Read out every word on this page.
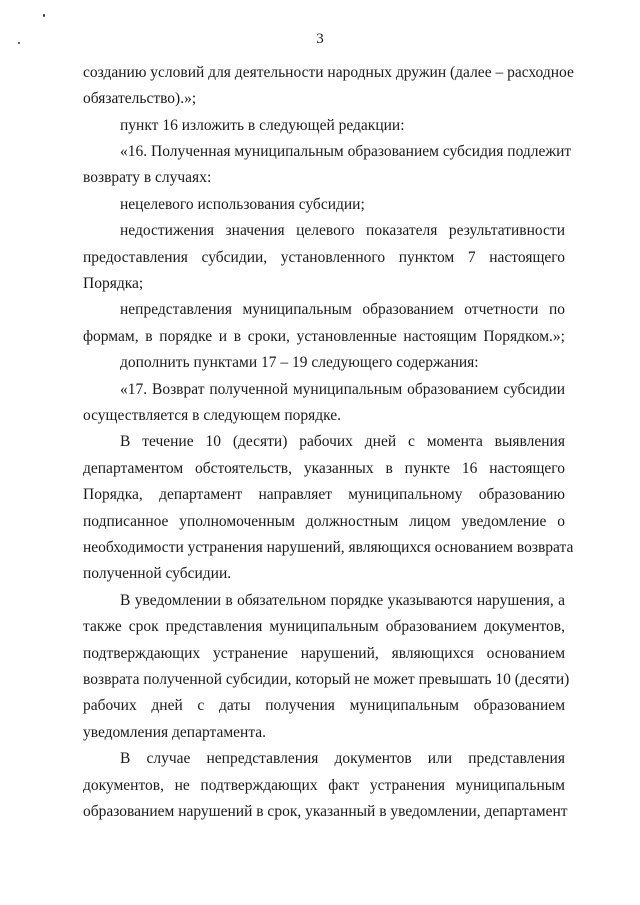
3
созданию условий для деятельности народных дружин (далее – расходное
обязательство).»;
пункт 16 изложить в следующей редакции:
«16. Полученная муниципальным образованием субсидия подлежит
возврату в случаях:
нецелевого использования субсидии;
недостижения значения целевого показателя результативности
предоставления субсидии, установленного пунктом 7 настоящего
Порядка;
непредставления муниципальным образованием отчетности по
формам, в порядке и в сроки, установленные настоящим Порядком.»;
дополнить пунктами 17 – 19 следующего содержания:
«17. Возврат полученной муниципальным образованием субсидии
осуществляется в следующем порядке.
В течение 10 (десяти) рабочих дней с момента выявления
департаментом обстоятельств, указанных в пункте 16 настоящего
Порядка, департамент направляет муниципальному образованию
подписанное уполномоченным должностным лицом уведомление о
необходимости устранения нарушений, являющихся основанием возврата
полученной субсидии.
В уведомлении в обязательном порядке указываются нарушения, а
также срок представления муниципальным образованием документов,
подтверждающих устранение нарушений, являющихся основанием
возврата полученной субсидии, который не может превышать 10 (десяти)
рабочих дней с даты получения муниципальным образованием
уведомления департамента.
В случае непредставления документов или представления
документов, не подтверждающих факт устранения муниципальным
образованием нарушений в срок, указанный в уведомлении, департамент
